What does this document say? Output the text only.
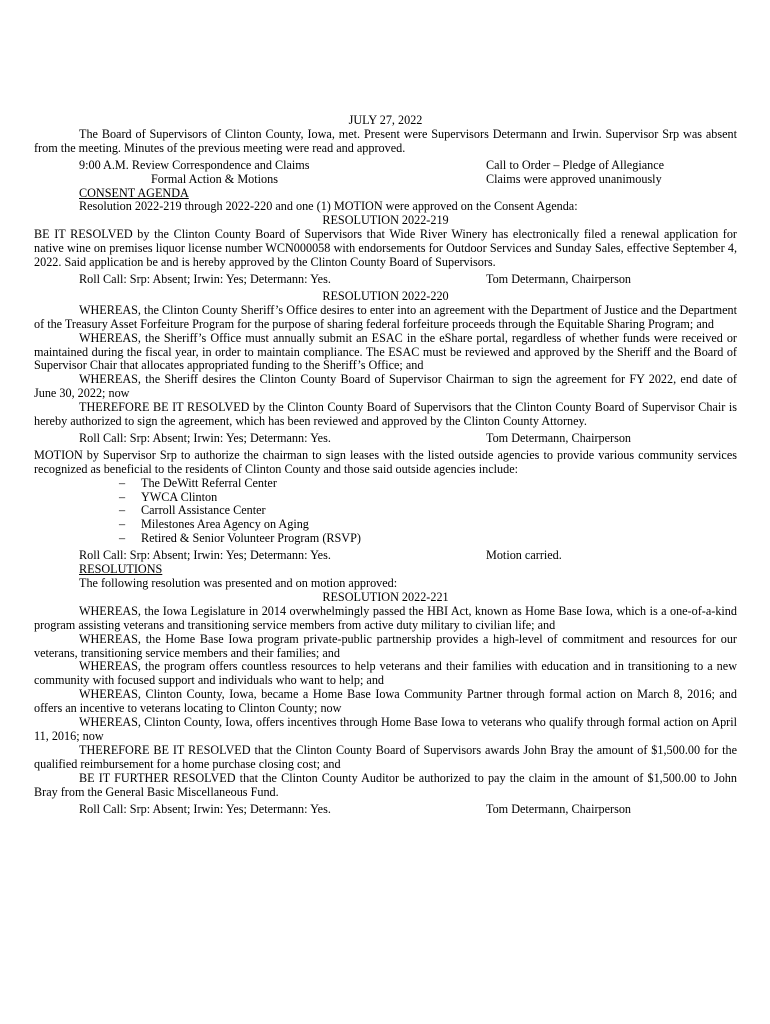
JULY 27, 2022
The Board of Supervisors of Clinton County, Iowa, met. Present were Supervisors Determann and Irwin. Supervisor Srp was absent from the meeting. Minutes of the previous meeting were read and approved.
9:00 A.M. Review Correspondence and Claims	Call to Order – Pledge of Allegiance
Formal Action & Motions	Claims were approved unanimously
CONSENT AGENDA
Resolution 2022-219 through 2022-220 and one (1) MOTION were approved on the Consent Agenda:
RESOLUTION 2022-219
BE IT RESOLVED by the Clinton County Board of Supervisors that Wide River Winery has electronically filed a renewal application for native wine on premises liquor license number WCN000058 with endorsements for Outdoor Services and Sunday Sales, effective September 4, 2022. Said application be and is hereby approved by the Clinton County Board of Supervisors.
Roll Call: Srp: Absent; Irwin: Yes; Determann: Yes.	Tom Determann, Chairperson
RESOLUTION 2022-220
WHEREAS, the Clinton County Sheriff’s Office desires to enter into an agreement with the Department of Justice and the Department of the Treasury Asset Forfeiture Program for the purpose of sharing federal forfeiture proceeds through the Equitable Sharing Program; and
WHEREAS, the Sheriff’s Office must annually submit an ESAC in the eShare portal, regardless of whether funds were received or maintained during the fiscal year, in order to maintain compliance. The ESAC must be reviewed and approved by the Sheriff and the Board of Supervisor Chair that allocates appropriated funding to the Sheriff’s Office; and
WHEREAS, the Sheriff desires the Clinton County Board of Supervisor Chairman to sign the agreement for FY 2022, end date of June 30, 2022; now
THEREFORE BE IT RESOLVED by the Clinton County Board of Supervisors that the Clinton County Board of Supervisor Chair is hereby authorized to sign the agreement, which has been reviewed and approved by the Clinton County Attorney.
Roll Call: Srp: Absent; Irwin: Yes; Determann: Yes.	Tom Determann, Chairperson
MOTION by Supervisor Srp to authorize the chairman to sign leases with the listed outside agencies to provide various community services recognized as beneficial to the residents of Clinton County and those said outside agencies include:
–	The DeWitt Referral Center
–	YWCA Clinton
–	Carroll Assistance Center
–	Milestones Area Agency on Aging
–	Retired & Senior Volunteer Program (RSVP)
Roll Call: Srp: Absent; Irwin: Yes; Determann: Yes.	Motion carried.
RESOLUTIONS
The following resolution was presented and on motion approved:
RESOLUTION 2022-221
WHEREAS, the Iowa Legislature in 2014 overwhelmingly passed the HBI Act, known as Home Base Iowa, which is a one-of-a-kind program assisting veterans and transitioning service members from active duty military to civilian life; and
WHEREAS, the Home Base Iowa program private-public partnership provides a high-level of commitment and resources for our veterans, transitioning service members and their families; and
WHEREAS, the program offers countless resources to help veterans and their families with education and in transitioning to a new community with focused support and individuals who want to help; and
WHEREAS, Clinton County, Iowa, became a Home Base Iowa Community Partner through formal action on March 8, 2016; and offers an incentive to veterans locating to Clinton County; now
WHEREAS, Clinton County, Iowa, offers incentives through Home Base Iowa to veterans who qualify through formal action on April 11, 2016; now
THEREFORE BE IT RESOLVED that the Clinton County Board of Supervisors awards John Bray the amount of $1,500.00 for the qualified reimbursement for a home purchase closing cost; and
BE IT FURTHER RESOLVED that the Clinton County Auditor be authorized to pay the claim in the amount of $1,500.00 to John Bray from the General Basic Miscellaneous Fund.
Roll Call: Srp: Absent; Irwin: Yes; Determann: Yes.	Tom Determann, Chairperson
